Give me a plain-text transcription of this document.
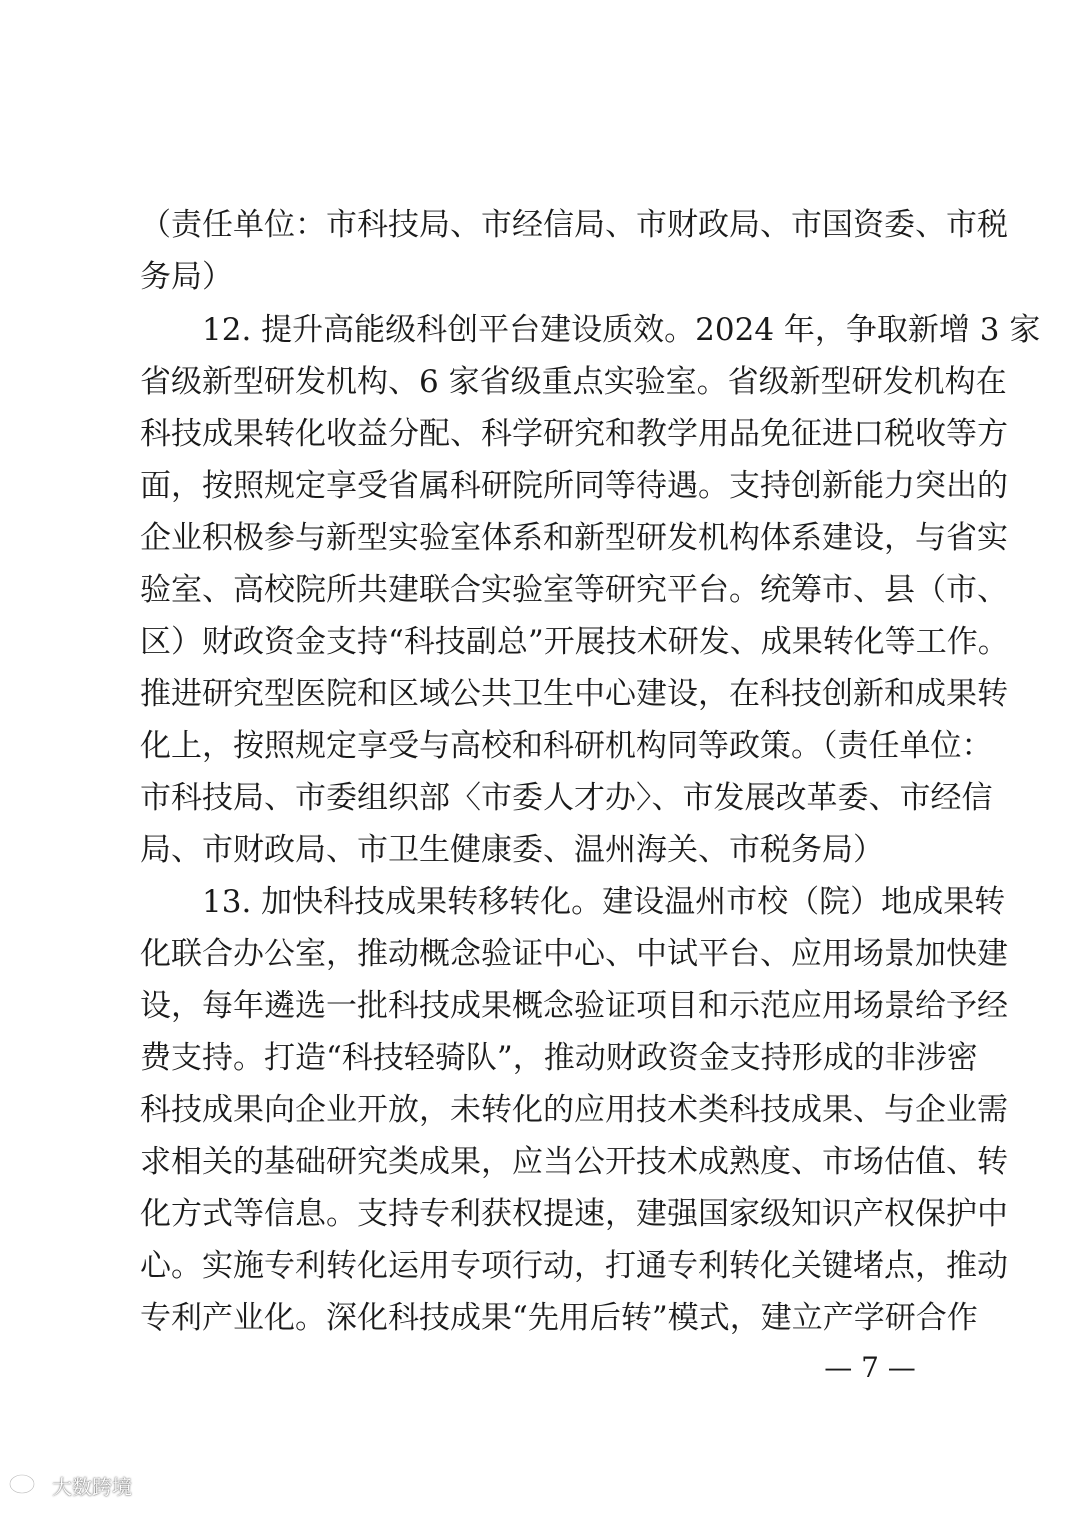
（责任单位：市科技局、市经信局、市财政局、市国资委、市税
务局）
12. 提升高能级科创平台建设质效。2024 年，争取新增 3 家
省级新型研发机构、6 家省级重点实验室。省级新型研发机构在
科技成果转化收益分配、科学研究和教学用品免征进口税收等方
面，按照规定享受省属科研院所同等待遇。支持创新能力突出的
企业积极参与新型实验室体系和新型研发机构体系建设，与省实
验室、高校院所共建联合实验室等研究平台。统筹市、县（市、
区）财政资金支持“科技副总”开展技术研发、成果转化等工作。
推进研究型医院和区域公共卫生中心建设，在科技创新和成果转
化上，按照规定享受与高校和科研机构同等政策。（责任单位：
市科技局、市委组织部〈市委人才办〉、市发展改革委、市经信
局、市财政局、市卫生健康委、温州海关、市税务局）
13. 加快科技成果转移转化。建设温州市校（院）地成果转
化联合办公室，推动概念验证中心、中试平台、应用场景加快建
设，每年遴选一批科技成果概念验证项目和示范应用场景给予经
费支持。打造“科技轻骑队”，推动财政资金支持形成的非涉密
科技成果向企业开放，未转化的应用技术类科技成果、与企业需
求相关的基础研究类成果，应当公开技术成熟度、市场估值、转
化方式等信息。支持专利获权提速，建强国家级知识产权保护中
心。实施专利转化运用专项行动，打通专利转化关键堵点，推动
专利产业化。深化科技成果“先用后转”模式，建立产学研合作
— 7 —
大数跨境
